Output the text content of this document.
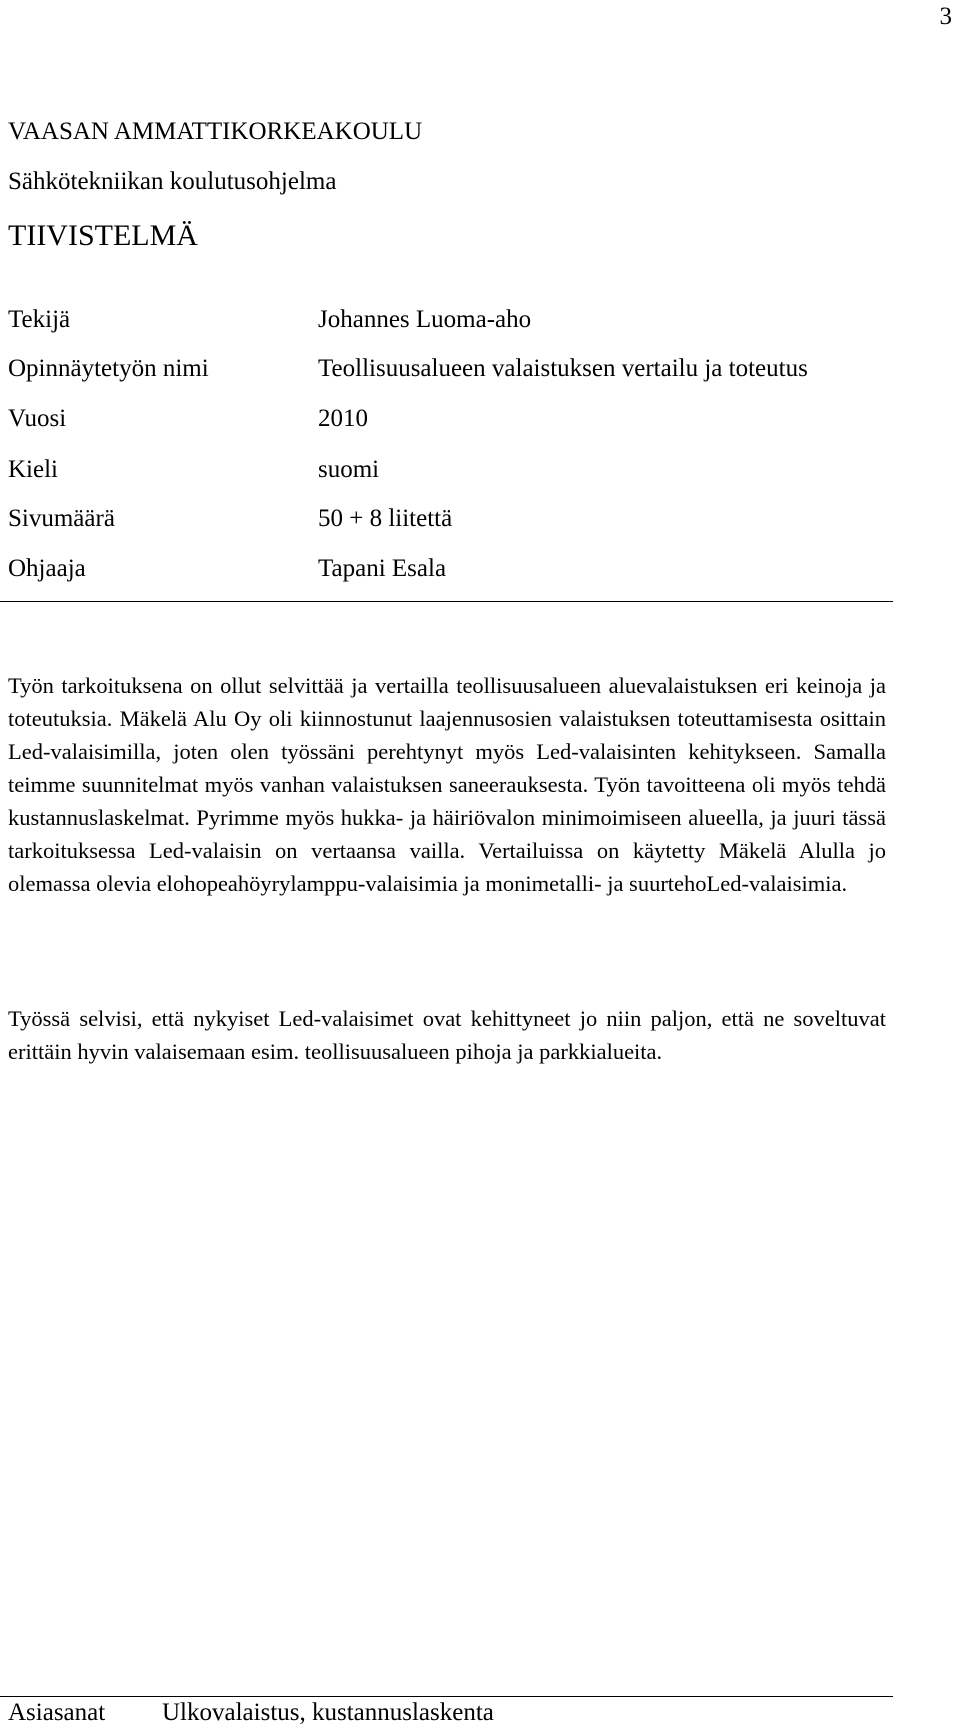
3
VAASAN AMMATTIKORKEAKOULU
Sähkötekniikan koulutusohjelma
TIIVISTELMÄ
Tekijä	Johannes Luoma-aho
Opinnäytetyön nimi	Teollisuusalueen valaistuksen vertailu ja toteutus
Vuosi	2010
Kieli	suomi
Sivumäärä	50 + 8 liitettä
Ohjaaja	Tapani Esala

Työn tarkoituksena on ollut selvittää ja vertailla teollisuusalueen aluevalaistuksen eri keinoja ja toteutuksia. Mäkelä Alu Oy oli kiinnostunut laajennusosien valaistuksen toteuttamisesta osittain Led-valaisimilla, joten olen työssäni perehtynyt myös Led-valaisinten kehitykseen. Samalla teimme suunnitelmat myös vanhan valaistuksen saneerauksesta. Työn tavoitteena oli myös tehdä kustannuslaskelmat. Pyrimme myös hukka- ja häiriövalon minimoimiseen alueella, ja juuri tässä tarkoituksessa Led-valaisin on vertaansa vailla. Vertailuissa on käytetty Mäkelä Alulla jo olemassa olevia elohopeahöyrylamppu-valaisimia ja monimetalli- ja suurtehoLed-valaisimia.

Työssä selvisi, että nykyiset Led-valaisimet ovat kehittyneet jo niin paljon, että ne soveltuvat erittäin hyvin valaisemaan esim. teollisuusalueen pihoja ja parkkialueita.

Asiasanat Ulkovalaistus, kustannuslaskenta
